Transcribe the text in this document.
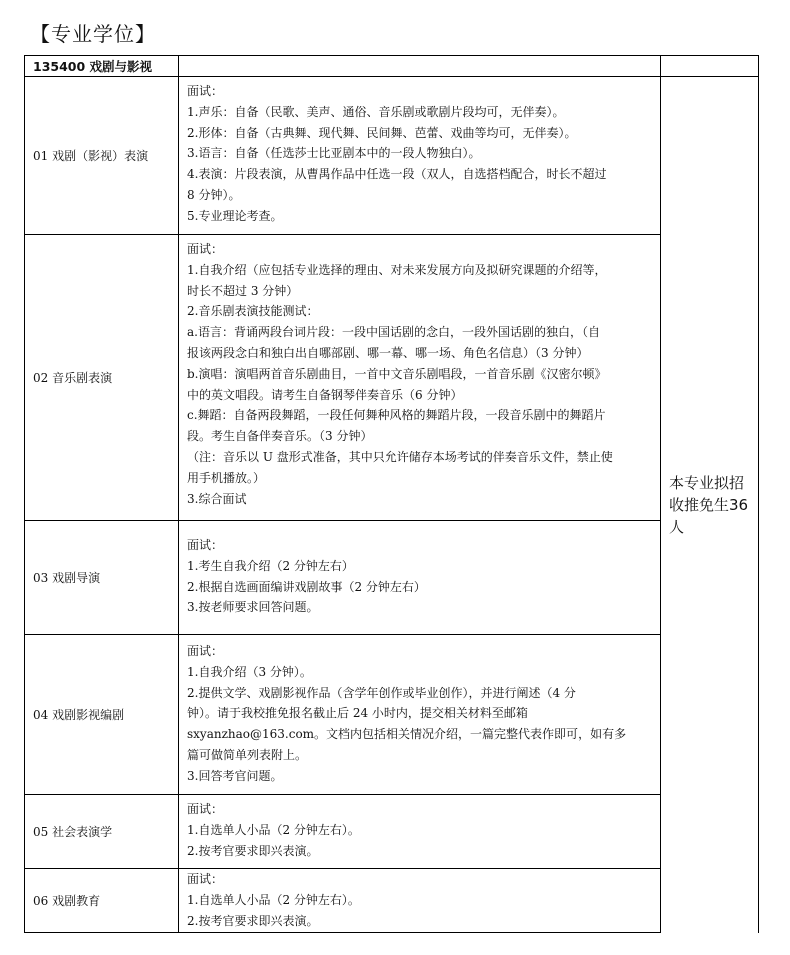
【专业学位】
135400 戏剧与影视
本专业拟招收推免生36人
01 戏剧（影视）表演
面试：
1.声乐：自备（民歌、美声、通俗、音乐剧或歌剧片段均可，无伴奏）。
2.形体：自备（古典舞、现代舞、民间舞、芭蕾、戏曲等均可，无伴奏）。
3.语言：自备（任选莎士比亚剧本中的一段人物独白）。
4.表演：片段表演，从曹禺作品中任选一段（双人，自选搭档配合，时长不超过
8 分钟）。
5.专业理论考查。
02 音乐剧表演
面试：
1.自我介绍（应包括专业选择的理由、对未来发展方向及拟研究课题的介绍等，
时长不超过 3 分钟）
2.音乐剧表演技能测试：
a.语言：背诵两段台词片段：一段中国话剧的念白，一段外国话剧的独白，（自
报该两段念白和独白出自哪部剧、哪一幕、哪一场、角色名信息）（3 分钟）
b.演唱：演唱两首音乐剧曲目，一首中文音乐剧唱段，一首音乐剧《汉密尔顿》
中的英文唱段。请考生自备钢琴伴奏音乐（6 分钟）
c.舞蹈：自备两段舞蹈，一段任何舞种风格的舞蹈片段，一段音乐剧中的舞蹈片
段。考生自备伴奏音乐。（3 分钟）
（注：音乐以 U 盘形式准备，其中只允许储存本场考试的伴奏音乐文件，禁止使
用手机播放。）
3.综合面试
03 戏剧导演
面试：
1.考生自我介绍（2 分钟左右）
2.根据自选画面编讲戏剧故事（2 分钟左右）
3.按老师要求回答问题。
04 戏剧影视编剧
面试：
1.自我介绍（3 分钟）。
2.提供文学、戏剧影视作品（含学年创作或毕业创作），并进行阐述（4 分
钟）。请于我校推免报名截止后 24 小时内，提交相关材料至邮箱
sxyanzhao@163.com。文档内包括相关情况介绍，一篇完整代表作即可，如有多
篇可做简单列表附上。
3.回答考官问题。
05 社会表演学
面试：
1.自选单人小品（2 分钟左右）。
2.按考官要求即兴表演。
06 戏剧教育
面试：
1.自选单人小品（2 分钟左右）。
2.按考官要求即兴表演。
